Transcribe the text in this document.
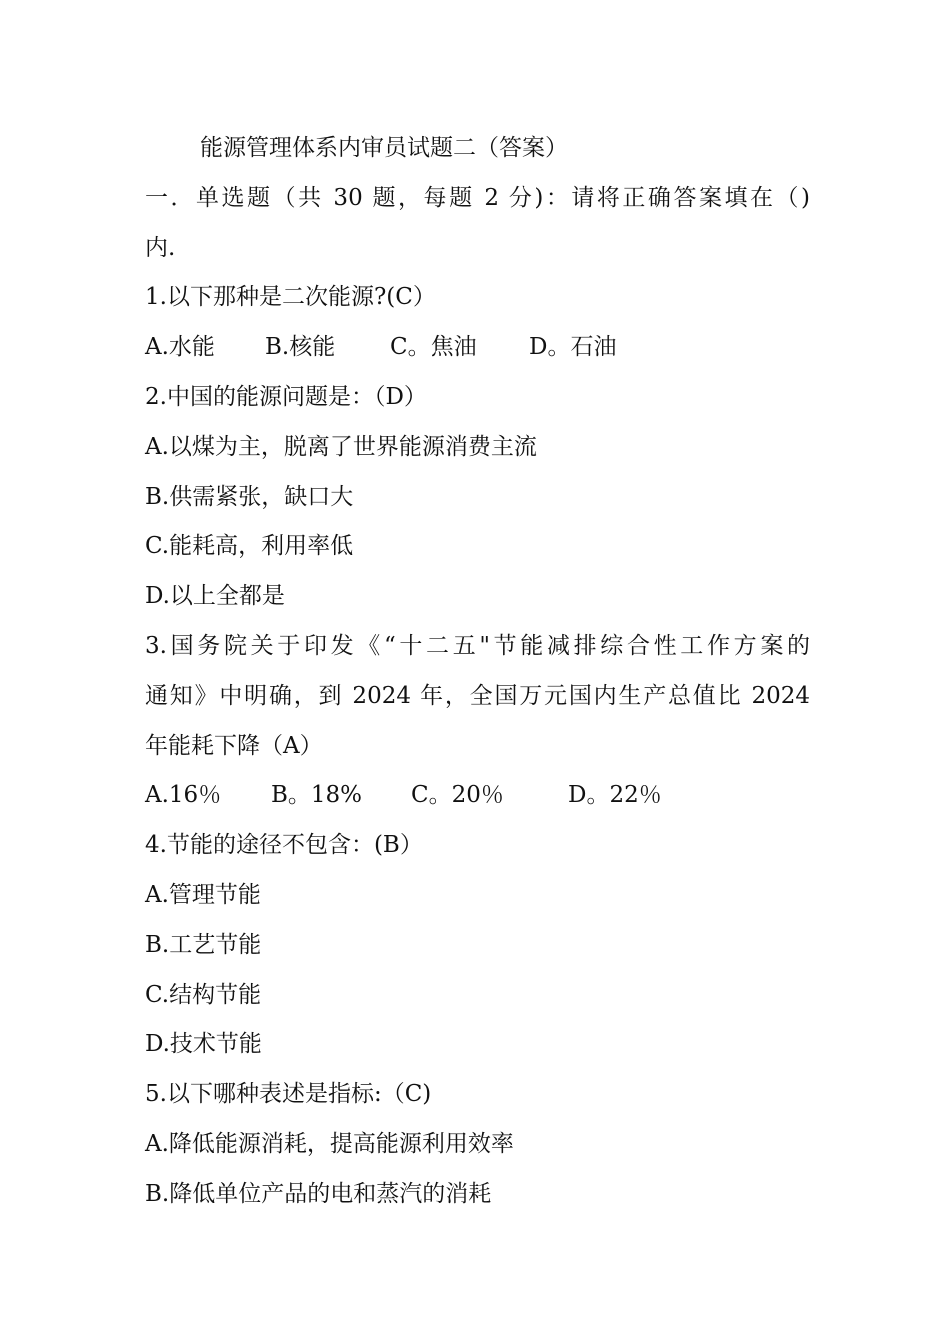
能源管理体系内审员试题二（答案）
一．单选题（共 30 题，每题 2 分)：请将正确答案填在（)
内.
1.以下那种是二次能源?(C）
A.水能	B.核能	C。焦油	D。石油
2.中国的能源问题是：（D）
A.以煤为主，脱离了世界能源消费主流
B.供需紧张，缺口大
C.能耗高，利用率低
D.以上全都是
3.国务院关于印发《“十二五"节能减排综合性工作方案的
通知》中明确，到 2024 年，全国万元国内生产总值比 2024
年能耗下降（A）
A.16％	B。18%	C。20％	D。22％
4.节能的途径不包含：(B）
A.管理节能
B.工艺节能
C.结构节能
D.技术节能
5.以下哪种表述是指标:（C)
A.降低能源消耗，提高能源利用效率
B.降低单位产品的电和蒸汽的消耗
